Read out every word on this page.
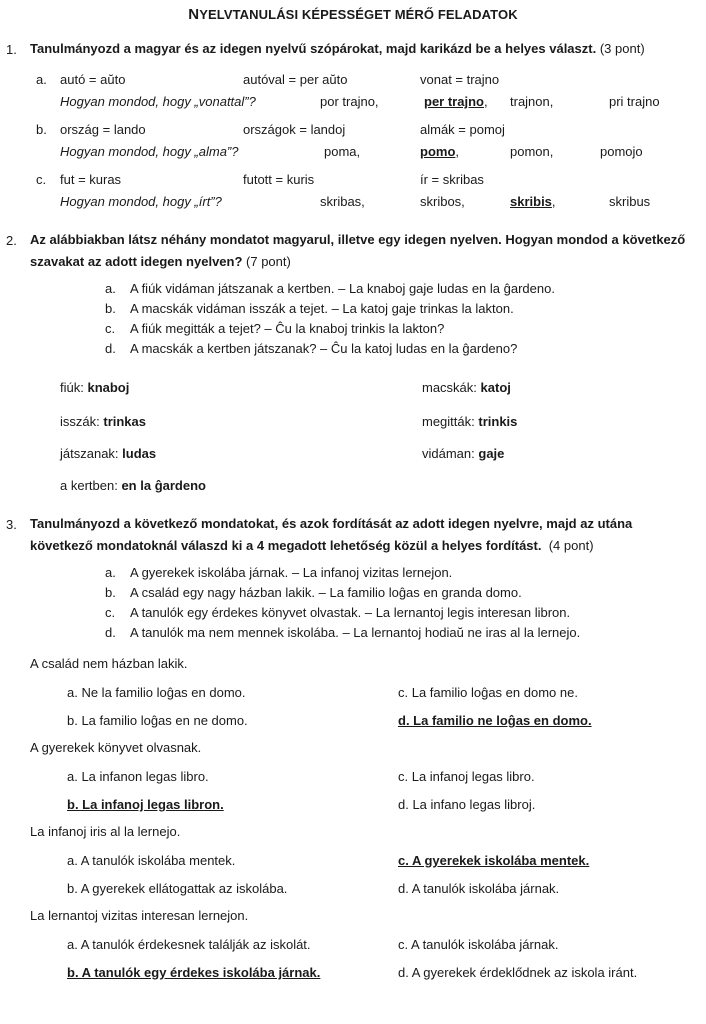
NYELVTANULÁSI KÉPESSÉGET MÉRŐ FELADATOK
1. Tanulmányozd a magyar és az idegen nyelvű szópárokat, majd karikázd be a helyes választ. (3 pont)
a. autó = aŭto	autóval = per aŭto	vonat = trajno
Hogyan mondod, hogy „vonattal”?	por trajno,	per trajno, trajnon,	pri trajno
b. ország = lando	országok = landoj	almák = pomoj
Hogyan mondod, hogy „alma”?	poma,	pomo,	pomon,	pomojo
c. fut = kuras	futott = kuris	ír = skribas
Hogyan mondod, hogy „írt”?	skribas,	skribos,	skribis,	skribus
2. Az alábbiakban látsz néhány mondatot magyarul, illetve egy idegen nyelven. Hogyan mondod a következő
szavakat az adott idegen nyelven? (7 pont)
a. A fiúk vidáman játszanak a kertben. – La knaboj gaje ludas en la ĝardeno.
b. A macskák vidáman isszák a tejet. – La katoj gaje trinkas la lakton.
c. A fiúk megitták a tejet? – Ĉu la knaboj trinkis la lakton?
d. A macskák a kertben játszanak? – Ĉu la katoj ludas en la ĝardeno?
fiúk: knaboj	macskák: katoj
isszák: trinkas	megitták: trinkis
játszanak: ludas	vidáman: gaje
a kertben: en la ĝardeno
3. Tanulmányozd a következő mondatokat, és azok fordítását az adott idegen nyelvre, majd az utána
következő mondatoknál válaszd ki a 4 megadott lehetőség közül a helyes fordítást. (4 pont)
a. A gyerekek iskolába járnak. – La infanoj vizitas lernejon.
b. A család egy nagy házban lakik. – La familio loĝas en granda domo.
c. A tanulók egy érdekes könyvet olvastak. – La lernantoj legis interesan libron.
d. A tanulók ma nem mennek iskolába. – La lernantoj hodiaŭ ne iras al la lernejo.
A család nem házban lakik.
a. Ne la familio loĝas en domo.	c. La familio loĝas en domo ne.
b. La familio loĝas en ne domo.	d. La familio ne loĝas en domo.
A gyerekek könyvet olvasnak.
a. La infanon legas libro.	c. La infanoj legas libro.
b. La infanoj legas libron.	d. La infano legas libroj.
La infanoj iris al la lernejo.
a. A tanulók iskolába mentek.	c. A gyerekek iskolába mentek.
b. A gyerekek ellátogattak az iskolába.	d. A tanulók iskolába járnak.
La lernantoj vizitas interesan lernejon.
a. A tanulók érdekesnek találják az iskolát.	c. A tanulók iskolába járnak.
b. A tanulók egy érdekes iskolába járnak.	d. A gyerekek érdeklődnek az iskola iránt.
